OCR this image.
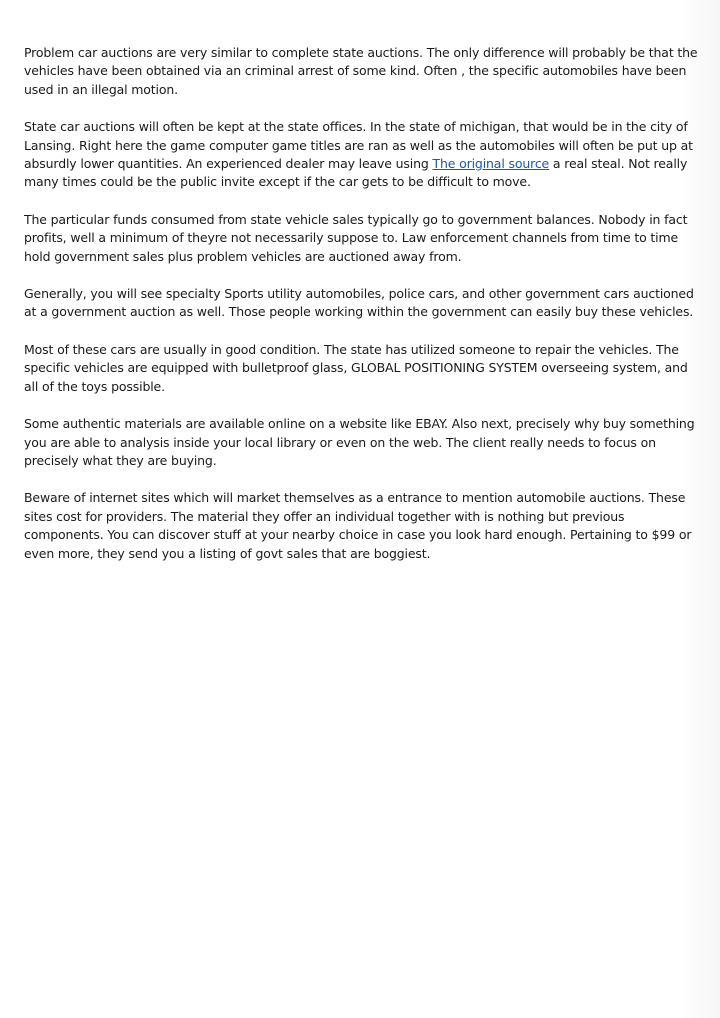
Problem car auctions are very similar to complete state auctions. The only difference will probably be that the vehicles have been obtained via an criminal arrest of some kind. Often , the specific automobiles have been used in an illegal motion.

State car auctions will often be kept at the state offices. In the state of michigan, that would be in the city of Lansing. Right here the game computer game titles are ran as well as the automobiles will often be put up at absurdly lower quantities. An experienced dealer may leave using The original source a real steal. Not really many times could be the public invite except if the car gets to be difficult to move.

The particular funds consumed from state vehicle sales typically go to government balances. Nobody in fact profits, well a minimum of theyre not necessarily suppose to. Law enforcement channels from time to time hold government sales plus problem vehicles are auctioned away from.

Generally, you will see specialty Sports utility automobiles, police cars, and other government cars auctioned at a government auction as well. Those people working within the government can easily buy these vehicles.

Most of these cars are usually in good condition. The state has utilized someone to repair the vehicles. The specific vehicles are equipped with bulletproof glass, GLOBAL POSITIONING SYSTEM overseeing system, and all of the toys possible.

Some authentic materials are available online on a website like EBAY. Also next, precisely why buy something you are able to analysis inside your local library or even on the web. The client really needs to focus on precisely what they are buying.

Beware of internet sites which will market themselves as a entrance to mention automobile auctions. These sites cost for providers. The material they offer an individual together with is nothing but previous components. You can discover stuff at your nearby choice in case you look hard enough. Pertaining to $99 or even more, they send you a listing of govt sales that are boggiest.
